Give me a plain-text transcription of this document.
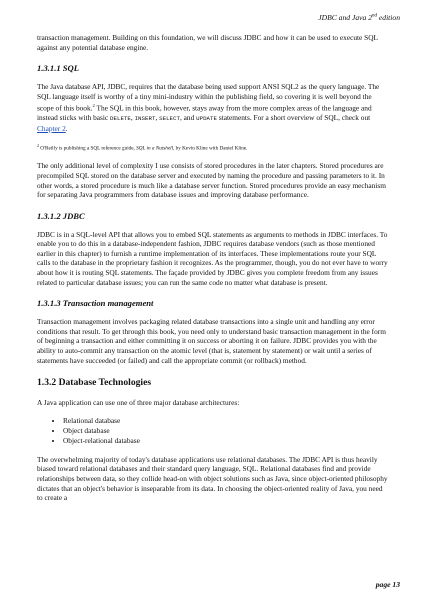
JDBC and Java 2nd edition

transaction management. Building on this foundation, we will discuss JDBC and how it can be used to execute SQL against any potential database engine.

1.3.1.1 SQL

The Java database API, JDBC, requires that the database being used support ANSI SQL2 as the query language. The SQL language itself is worthy of a tiny mini-industry within the publishing field, so covering it is well beyond the scope of this book.$^2$ The SQL in this book, however, stays away from the more complex areas of the language and instead sticks with basic DELETE, INSERT, SELECT, and UPDATE statements. For a short overview of SQL, check out Chapter 2.

$^2$ O'Reilly is publishing a SQL reference guide, SQL in a Nutshell, by Kevin Kline with Daniel Kline.

The only additional level of complexity I use consists of stored procedures in the later chapters. Stored procedures are precompiled SQL stored on the database server and executed by naming the procedure and passing parameters to it. In other words, a stored procedure is much like a database server function. Stored procedures provide an easy mechanism for separating Java programmers from database issues and improving database performance.

1.3.1.2 JDBC

JDBC is in a SQL-level API that allows you to embed SQL statements as arguments to methods in JDBC interfaces. To enable you to do this in a database-independent fashion, JDBC requires database vendors (such as those mentioned earlier in this chapter) to furnish a runtime implementation of its interfaces. These implementations route your SQL calls to the database in the proprietary fashion it recognizes. As the programmer, though, you do not ever have to worry about how it is routing SQL statements. The façade provided by JDBC gives you complete freedom from any issues related to particular database issues; you can run the same code no matter what database is present.

1.3.1.3 Transaction management

Transaction management involves packaging related database transactions into a single unit and handling any error conditions that result. To get through this book, you need only to understand basic transaction management in the form of beginning a transaction and either committing it on success or aborting it on failure. JDBC provides you with the ability to auto-commit any transaction on the atomic level (that is, statement by statement) or wait until a series of statements have succeeded (or failed) and call the appropriate commit (or rollback) method.

1.3.2 Database Technologies

A Java application can use one of three major database architectures:

• Relational database
• Object database
• Object-relational database

The overwhelming majority of today's database applications use relational databases. The JDBC API is thus heavily biased toward relational databases and their standard query language, SQL. Relational databases find and provide relationships between data, so they collide head-on with object solutions such as Java, since object-oriented philosophy dictates that an object's behavior is inseparable from its data. In choosing the object-oriented reality of Java, you need to create a

page 13
